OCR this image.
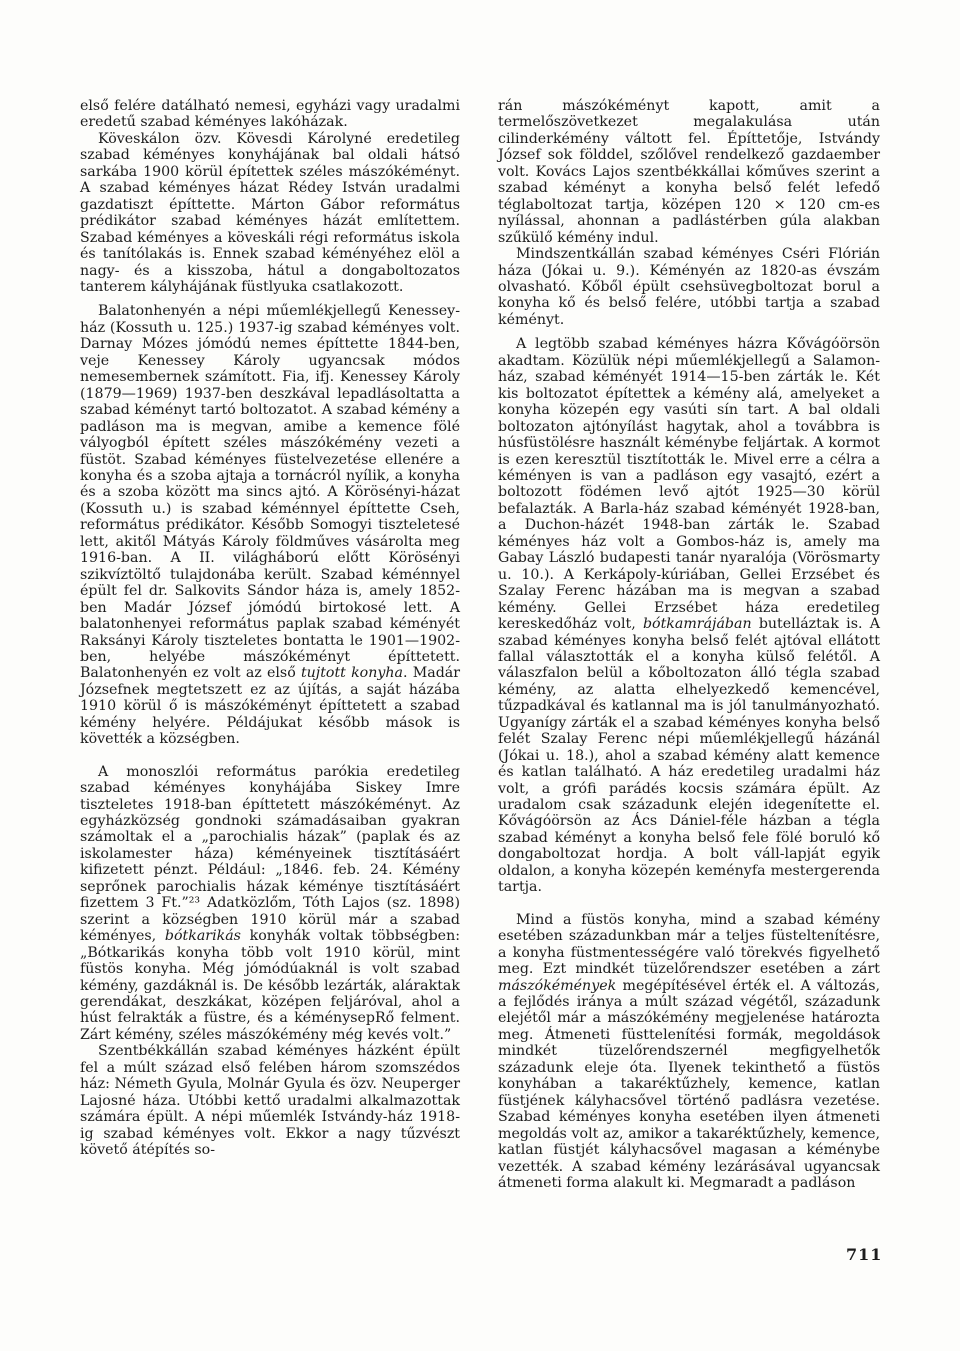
első felére datálható nemesi, egyházi vagy uradalmi eredetű szabad kéményes lakóházak.

Köveskálon özv. Kövesdi Károlyné eredetileg szabad kéményes konyhájának bal oldali hátsó sarkába 1900 körül építettek széles mászókéményt. A szabad kéményes házat Rédey István uradalmi gazdatiszt építtette. Márton Gábor református prédikátor szabad kéményes házát említettem. Szabad kéményes a köveskáli régi református iskola és tanítólakás is. Ennek szabad kéményéhez elöl a nagy- és a kisszoba, hátul a dongaboltozatos tanterem kályhájának füstlyuka csatlakozott.

Balatonhenyén a népi műemlékjellegű Kenessey-ház (Kossuth u. 125.) 1937-ig szabad kéményes volt. Darnay Mózes jómódú nemes építtette 1844-ben, veje Kenessey Károly ugyancsak módos nemesembernek számított. Fia, ifj. Kenessey Károly (1879—1969) 1937-ben deszkával lepadlásoltatta a szabad kéményt tartó boltozatot. A szabad kémény a padláson ma is megvan, amibe a kemence fölé vályogból épített széles mászókémény vezeti a füstöt. Szabad kéményes füstelvezetése ellenére a konyha és a szoba ajtaja a tornácról nyílik, a konyha és a szoba között ma sincs ajtó. A Körösényi-házat (Kossuth u.) is szabad kéménnyel építtette Cseh, református prédikátor. Később Somogyi tiszteletesé lett, akitől Mátyás Károly földműves vásárolta meg 1916-ban. A II. világháború előtt Körösényi szikvíztöltő tulajdonába került. Szabad kéménnyel épült fel dr. Salkovits Sándor háza is, amely 1852-ben Madár József jómódú birtokosé lett. A balatonhenyei református paplak szabad kéményét Raksányi Károly tiszteletes bontatta le 1901—1902-ben, helyébe mászókéményt építtetett. Balatonhenyén ez volt az első tujtott konyha. Madár Józsefnek megtetszett ez az újítás, a saját házába 1910 körül ő is mászókéményt építtetett a szabad kémény helyére. Példájukat később mások is követték a községben.

A monoszlói református parókia eredetileg szabad kéményes konyhájába Siskey Imre tiszteletes 1918-ban építtetett mászókéményt. Az egyházközség gondnoki számadásaiban gyakran számoltak el a „parochialis házak” (paplak és az iskolamester háza) kéményeinek tisztításáért kifizetett pénzt. Például: „1846. feb. 24. Kémény seprőnek parochialis házak kéménye tisztításáért fizettem 3 Ft.”²³ Adatközlőm, Tóth Lajos (sz. 1898) szerint a községben 1910 körül már a szabad kéményes, bótkarikás konyhák voltak többségben: „Bótkarikás konyha több volt 1910 körül, mint füstös konyha. Még jómódúaknál is volt szabad kémény, gazdáknál is. De később lezárták, aláraktak gerendákat, deszkákat, középen feljáróval, ahol a húst felrakták a füstre, és a kéménysepRő felment. Zárt kémény, széles mászókémény még kevés volt.”

Szentbékkállán szabad kéményes házként épült fel a múlt század első felében három szomszédos ház: Németh Gyula, Molnár Gyula és özv. Neuperger Lajosné háza. Utóbbi kettő uradalmi alkalmazottak számára épült. A népi műemlék Istvándy-ház 1918-ig szabad kéményes volt. Ekkor a nagy tűzvészt követő átépítés so-

rán mászókéményt kapott, amit a termelőszövetkezet megalakulása után cilinderkémény váltott fel. Építtetője, Istvándy József sok földdel, szőlővel rendelkező gazdaember volt. Kovács Lajos szentbékkállai kőműves szerint a szabad kéményt a konyha belső felét lefedő téglaboltozat tartja, középen 120 × 120 cm-es nyílással, ahonnan a padlástérben gúla alakban szűkülő kémény indul.

Mindszentkállán szabad kéményes Cséri Flórián háza (Jókai u. 9.). Kéményén az 1820-as évszám olvasható. Kőből épült csehsüvegboltozat borul a konyha kő és belső felére, utóbbi tartja a szabad kéményt.

A legtöbb szabad kéményes házra Kővágóörsön akadtam. Közülük népi műemlékjellegű a Salamon-ház, szabad kéményét 1914—15-ben zárták le. Két kis boltozatot építettek a kémény alá, amelyeket a konyha közepén egy vasúti sín tart. A bal oldali boltozaton ajtónyílást hagytak, ahol a továbbra is húsfüstölésre használt kéménybe feljártak. A kormot is ezen keresztül tisztították le. Mivel erre a célra a kéményen is van a padláson egy vasajtó, ezért a boltozott födémen levő ajtót 1925—30 körül befalazták. A Barla-ház szabad kéményét 1928-ban, a Duchon-házét 1948-ban zárták le. Szabad kéményes ház volt a Gombos-ház is, amely ma Gabay László budapesti tanár nyaralója (Vörösmarty u. 10.). A Kerkápoly-kúriában, Gellei Erzsébet és Szalay Ferenc házában ma is megvan a szabad kémény. Gellei Erzsébet háza eredetileg kereskedőház volt, bótkamrájában butelláztak is. A szabad kéményes konyha belső felét ajtóval ellátott fallal választották el a konyha külső felétől. A válaszfalon belül a kőboltozaton álló tégla szabad kémény, az alatta elhelyezkedő kemencével, tűzpadkával és katlannal ma is jól tanulmányozható. Ugyanígy zárták el a szabad kéményes konyha belső felét Szalay Ferenc népi műemlékjellegű házánál (Jókai u. 18.), ahol a szabad kémény alatt kemence és katlan található. A ház eredetileg uradalmi ház volt, a grófi parádés kocsis számára épült. Az uradalom csak századunk elején idegenítette el. Kővágóörsön az Ács Dániel-féle házban a tégla szabad kéményt a konyha belső fele fölé boruló kő dongaboltozat hordja. A bolt váll-lapját egyik oldalon, a konyha közepén keményfa mestergerenda tartja.

Mind a füstös konyha, mind a szabad kémény esetében századunkban már a teljes füsteltenítésre, a konyha füstmentességére való törekvés figyelhető meg. Ezt mindkét tüzelőrendszer esetében a zárt mászókémények megépítésével érték el. A változás, a fejlődés iránya a múlt század végétől, századunk elejétől már a mászókémény megjelenése határozta meg. Átmeneti füsttelenítési formák, megoldások mindkét tüzelőrendszernél megfigyelhetők századunk eleje óta. Ilyenek tekinthető a füstös konyhában a takaréktűzhely, kemence, katlan füstjének kályhacsővel történő padlásra vezetése. Szabad kéményes konyha esetében ilyen átmeneti megoldás volt az, amikor a takaréktűzhely, kemence, katlan füstjét kályhacsővel magasan a kéménybe vezették. A szabad kémény lezárásával ugyancsak átmeneti forma alakult ki. Megmaradt a padláson

711
